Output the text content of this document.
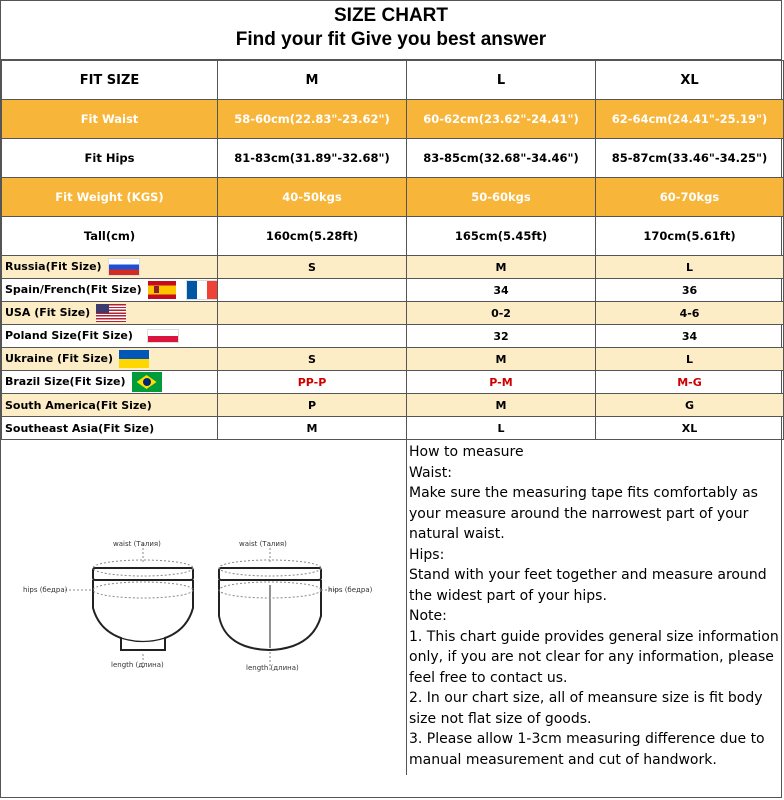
SIZE CHART
Find your fit Give you best answer
FIT SIZE	M	L	XL
Fit Waist	58-60cm(22.83"-23.62")	60-62cm(23.62"-24.41")	62-64cm(24.41"-25.19")
Fit Hips	81-83cm(31.89"-32.68")	83-85cm(32.68"-34.46")	85-87cm(33.46"-34.25")
Fit Weight (KGS)	40-50kgs	50-60kgs	60-70kgs
Tall(cm)	160cm(5.28ft)	165cm(5.45ft)	170cm(5.61ft)
Russia(Fit Size)	S	M	L
Spain/French(Fit Size)		34	36
USA (Fit Size)		0-2	4-6
Poland Size(Fit Size)		32	34
Ukraine (Fit Size)	S	M	L
Brazil Size(Fit Size)	PP-P	P-M	M-G
South America(Fit Size)	P	M	G
Southeast Asia(Fit Size)	M	L	XL
waist (Талия)	waist (Талия)
hips (бедра)	hips (бедра)
length (длина)	length (длина)
How to measure
Waist:
Make sure the measuring tape fits comfortably as your measure around the narrowest part of your natural waist.
Hips:
Stand with your feet together and measure around the widest part of your hips.
Note:
1. This chart guide provides general size information only, if you are not clear for any information, please feel free to contact us.
2. In our chart size, all of meansure size is fit body size not flat size of goods.
3. Please allow 1-3cm measuring difference due to manual measurement and cut of handwork.
